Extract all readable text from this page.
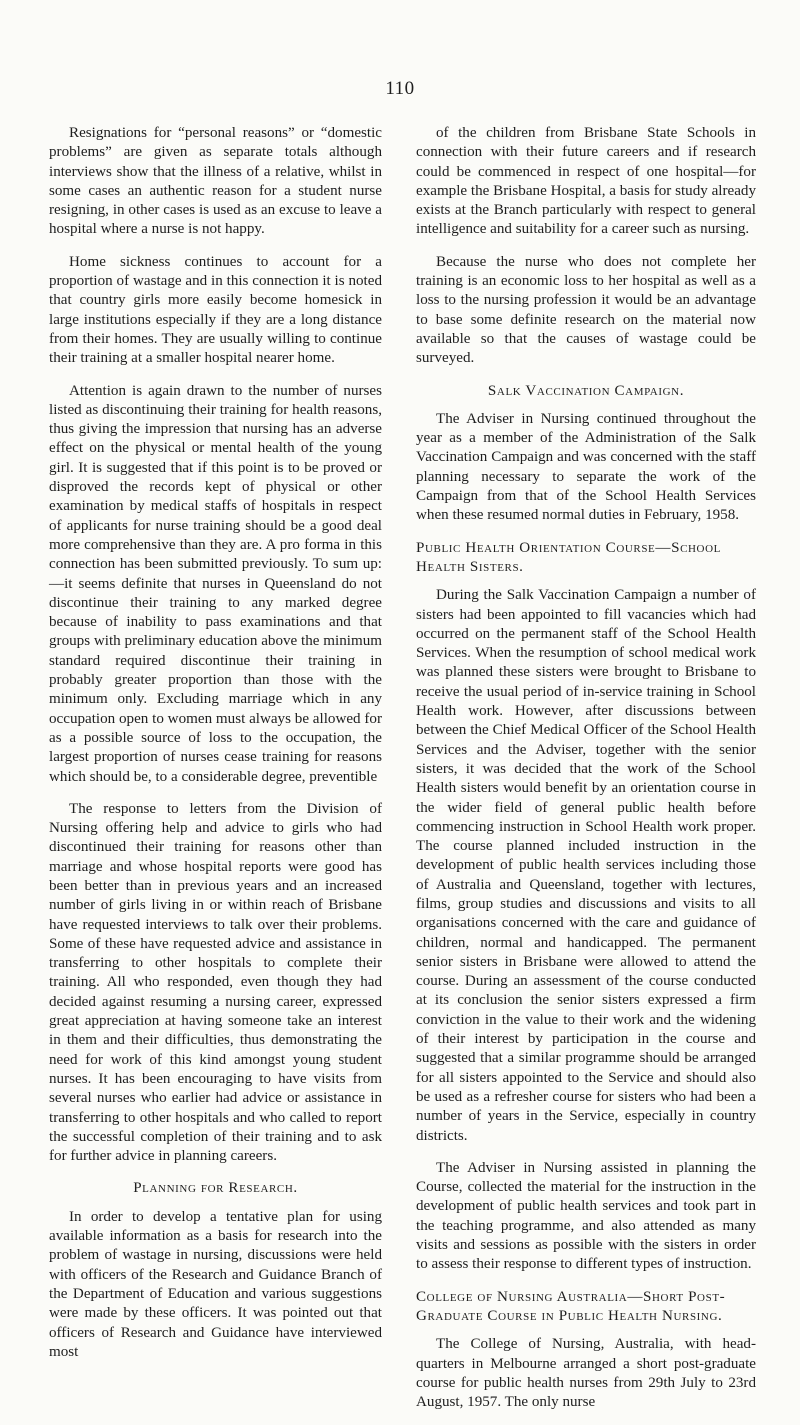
110

Resignations for “personal reasons” or “domestic problems” are given as separate totals although interviews show that the illness of a relative, whilst in some cases an authentic reason for a student nurse resigning, in other cases is used as an excuse to leave a hospital where a nurse is not happy.

Home sickness continues to account for a proportion of wastage and in this connection it is noted that country girls more easily become homesick in large institutions especially if they are a long distance from their homes. They are usually willing to continue their training at a smaller hospital nearer home.

Attention is again drawn to the number of nurses listed as discontinuing their training for health reasons, thus giving the impression that nursing has an adverse effect on the physical or mental health of the young girl. It is suggested that if this point is to be proved or disproved the records kept of physical or other examination by medical staffs of hospitals in respect of applicants for nurse training should be a good deal more comprehensive than they are. A pro forma in this connection has been submitted previously. To sum up:—it seems definite that nurses in Queensland do not discontinue their training to any marked degree because of inability to pass examinations and that groups with preliminary education above the minimum standard required discontinue their training in probably greater proportion than those with the minimum only. Excluding marriage which in any occupation open to women must always be allowed for as a possible source of loss to the occupation, the largest proportion of nurses cease training for reasons which should be, to a considerable degree, preventible

The response to letters from the Division of Nursing offering help and advice to girls who had discontinued their training for reasons other than marriage and whose hospital reports were good has been better than in previous years and an increased number of girls living in or within reach of Brisbane have requested interviews to talk over their problems. Some of these have requested advice and assistance in transferring to other hospitals to complete their training. All who responded, even though they had decided against resuming a nursing career, expressed great appreciation at having someone take an interest in them and their difficulties, thus demonstrating the need for work of this kind amongst young student nurses. It has been encouraging to have visits from several nurses who earlier had advice or assistance in transferring to other hospitals and who called to report the successful completion of their training and to ask for further advice in planning careers.

Planning for Research.

In order to develop a tentative plan for using available information as a basis for research into the problem of wastage in nursing, discussions were held with officers of the Research and Guidance Branch of the Department of Education and various suggestions were made by these officers. It was pointed out that officers of Research and Guidance have interviewed most

of the children from Brisbane State Schools in connection with their future careers and if research could be commenced in respect of one hospital—for example the Brisbane Hospital, a basis for study already exists at the Branch particularly with respect to general intelligence and suitability for a career such as nursing.

Because the nurse who does not complete her training is an economic loss to her hospital as well as a loss to the nursing profession it would be an advantage to base some definite research on the material now available so that the causes of wastage could be surveyed.

Salk Vaccination Campaign.

The Adviser in Nursing continued throughout the year as a member of the Administration of the Salk Vaccination Campaign and was concerned with the staff planning necessary to separate the work of the Campaign from that of the School Health Services when these resumed normal duties in February, 1958.

Public Health Orientation Course—School Health Sisters.

During the Salk Vaccination Campaign a number of sisters had been appointed to fill vacancies which had occurred on the permanent staff of the School Health Services. When the resumption of school medical work was planned these sisters were brought to Brisbane to receive the usual period of in-service training in School Health work. However, after discussions between between the Chief Medical Officer of the School Health Services and the Adviser, together with the senior sisters, it was decided that the work of the School Health sisters would benefit by an orientation course in the wider field of general public health before commencing instruction in School Health work proper. The course planned included instruction in the development of public health services including those of Australia and Queensland, together with lectures, films, group studies and discussions and visits to all organisations concerned with the care and guidance of children, normal and handicapped. The permanent senior sisters in Brisbane were allowed to attend the course. During an assessment of the course conducted at its conclusion the senior sisters expressed a firm conviction in the value to their work and the widening of their interest by participation in the course and suggested that a similar programme should be arranged for all sisters appointed to the Service and should also be used as a refresher course for sisters who had been a number of years in the Service, especially in country districts.

The Adviser in Nursing assisted in planning the Course, collected the material for the instruction in the development of public health services and took part in the teaching programme, and also attended as many visits and sessions as possible with the sisters in order to assess their response to different types of instruction.

College of Nursing Australia—Short Post-Graduate Course in Public Health Nursing.

The College of Nursing, Australia, with headquarters in Melbourne arranged a short post-graduate course for public health nurses from 29th July to 23rd August, 1957. The only nurse
